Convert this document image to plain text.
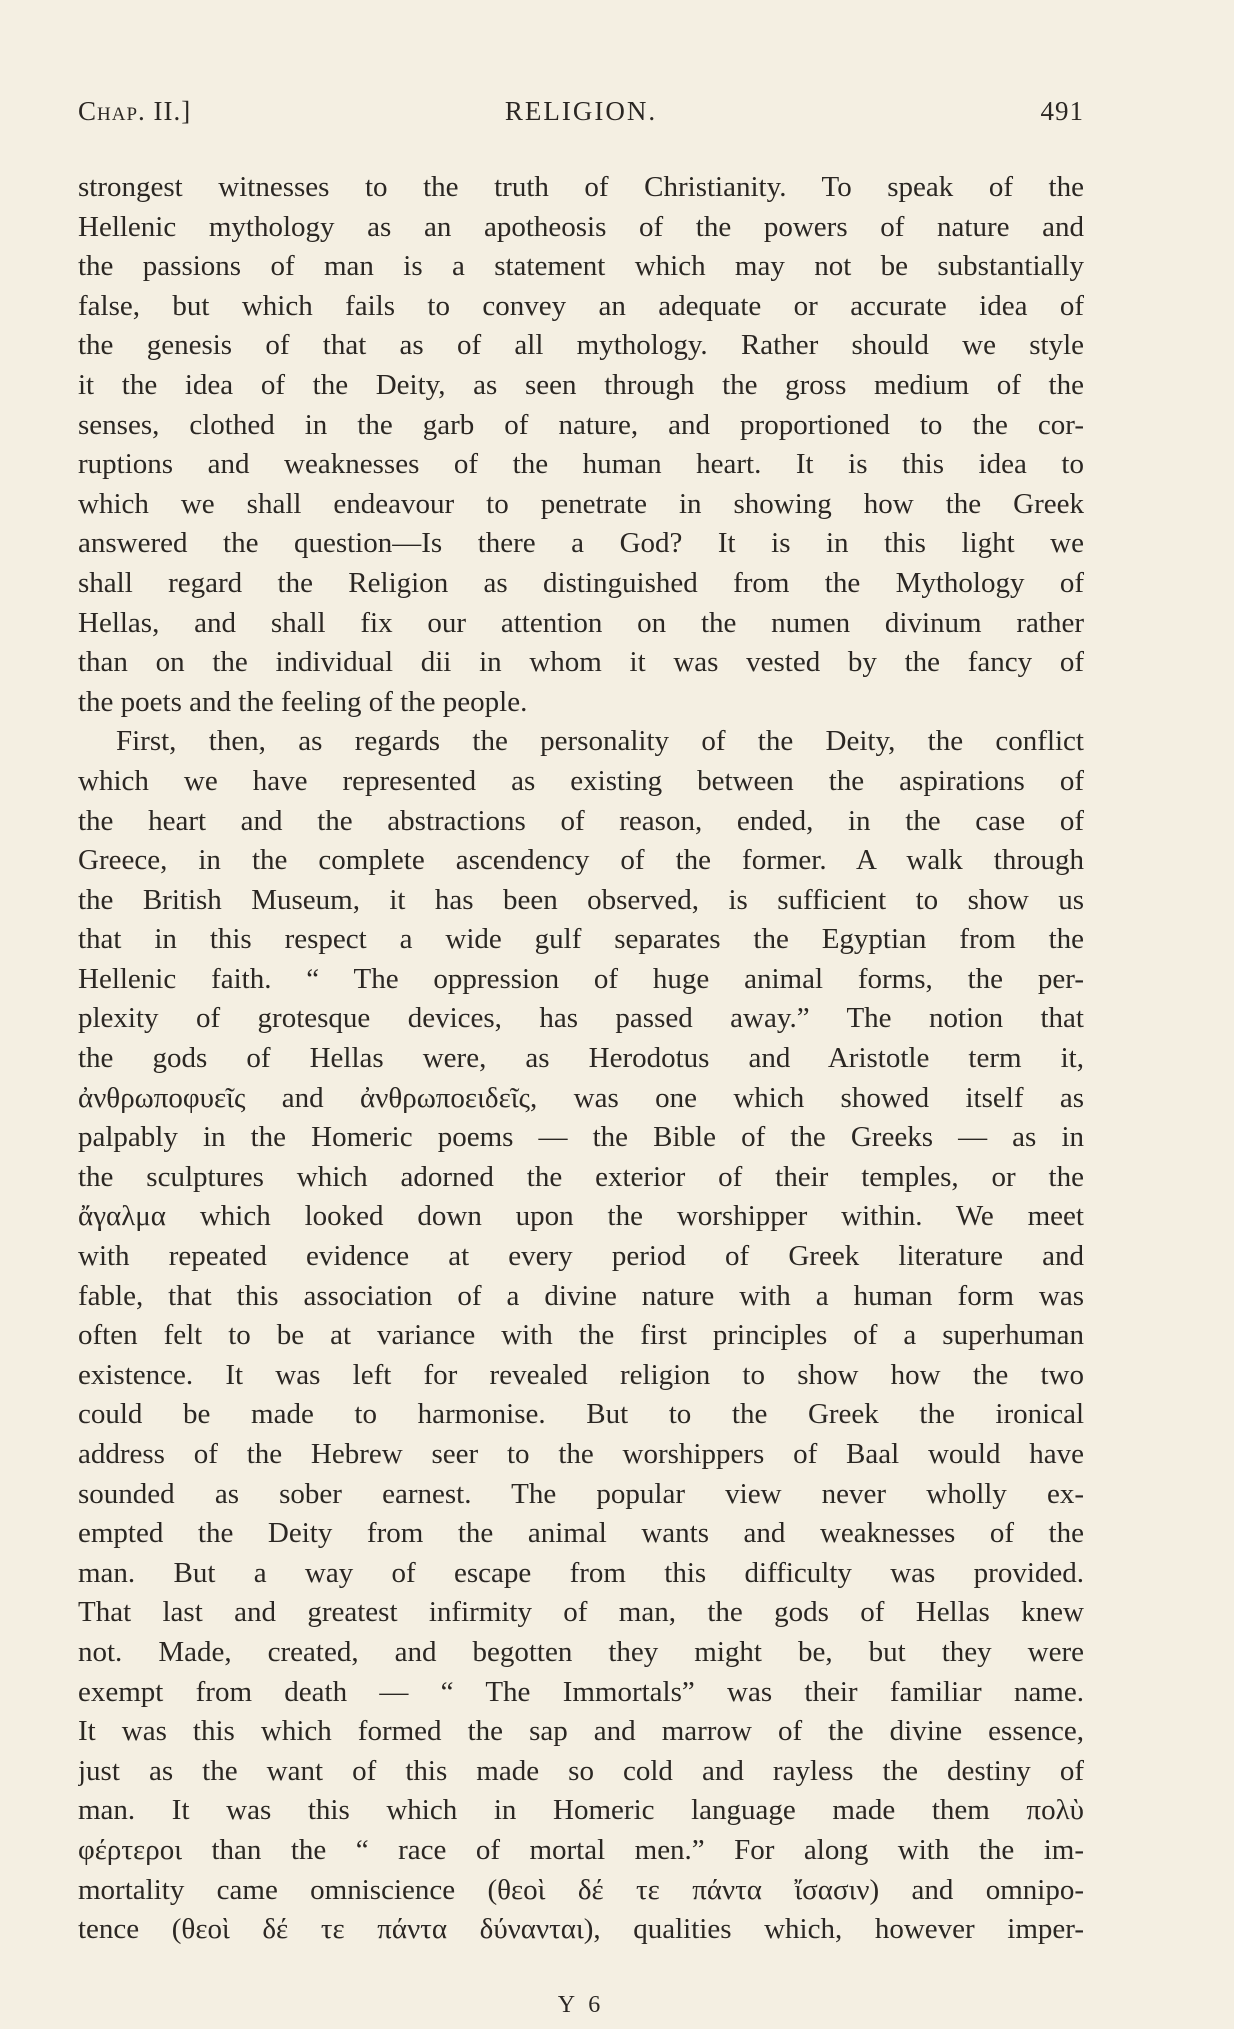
Chap. II.]	RELIGION.	491
strongest witnesses to the truth of Christianity. To speak of the
Hellenic mythology as an apotheosis of the powers of nature and
the passions of man is a statement which may not be substantially
false, but which fails to convey an adequate or accurate idea of
the genesis of that as of all mythology. Rather should we style
it the idea of the Deity, as seen through the gross medium of the
senses, clothed in the garb of nature, and proportioned to the cor-
ruptions and weaknesses of the human heart. It is this idea to
which we shall endeavour to penetrate in showing how the Greek
answered the question—Is there a God? It is in this light we
shall regard the Religion as distinguished from the Mythology of
Hellas, and shall fix our attention on the numen divinum rather
than on the individual dii in whom it was vested by the fancy of
the poets and the feeling of the people.
First, then, as regards the personality of the Deity, the conflict
which we have represented as existing between the aspirations of
the heart and the abstractions of reason, ended, in the case of
Greece, in the complete ascendency of the former. A walk through
the British Museum, it has been observed, is sufficient to show us
that in this respect a wide gulf separates the Egyptian from the
Hellenic faith. “ The oppression of huge animal forms, the per-
plexity of grotesque devices, has passed away.” The notion that
the gods of Hellas were, as Herodotus and Aristotle term it,
ἀνθρωποφυεῖς and ἀνθρωποειδεῖς, was one which showed itself as
palpably in the Homeric poems — the Bible of the Greeks — as in
the sculptures which adorned the exterior of their temples, or the
ἄγαλμα which looked down upon the worshipper within. We meet
with repeated evidence at every period of Greek literature and
fable, that this association of a divine nature with a human form was
often felt to be at variance with the first principles of a superhuman
existence. It was left for revealed religion to show how the two
could be made to harmonise. But to the Greek the ironical
address of the Hebrew seer to the worshippers of Baal would have
sounded as sober earnest. The popular view never wholly ex-
empted the Deity from the animal wants and weaknesses of the
man. But a way of escape from this difficulty was provided.
That last and greatest infirmity of man, the gods of Hellas knew
not. Made, created, and begotten they might be, but they were
exempt from death — “ The Immortals” was their familiar name.
It was this which formed the sap and marrow of the divine essence,
just as the want of this made so cold and rayless the destiny of
man. It was this which in Homeric language made them πολὺ
φέρτεροι than the “ race of mortal men.” For along with the im-
mortality came omniscience (θεοὶ δέ τε πάντα ἴσασιν) and omnipo-
tence (θεοὶ δέ τε πάντα δύνανται), qualities which, however imper-
Y 6
